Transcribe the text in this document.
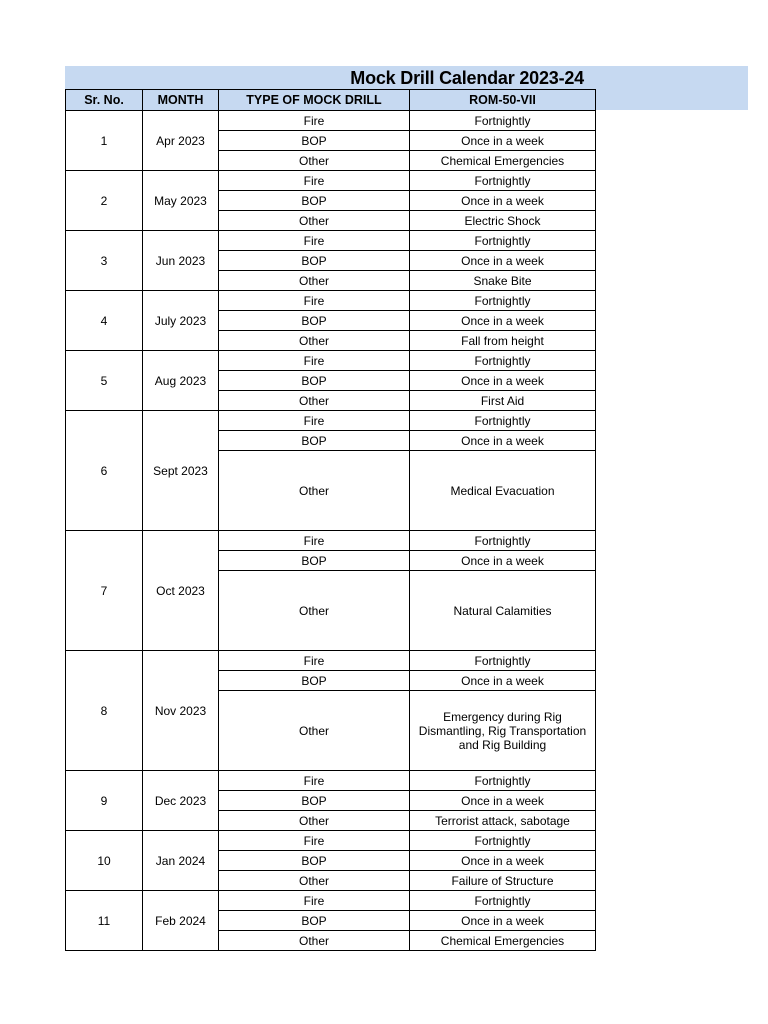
Mock Drill Calendar 2023-24
Sr. No.	MONTH	TYPE OF MOCK DRILL	ROM-50-VII
1	Apr 2023	Fire	Fortnightly
		BOP	Once in a week
		Other	Chemical Emergencies
2	May 2023	Fire	Fortnightly
		BOP	Once in a week
		Other	Electric Shock
3	Jun 2023	Fire	Fortnightly
		BOP	Once in a week
		Other	Snake Bite
4	July 2023	Fire	Fortnightly
		BOP	Once in a week
		Other	Fall from height
5	Aug 2023	Fire	Fortnightly
		BOP	Once in a week
		Other	First Aid
6	Sept 2023	Fire	Fortnightly
		BOP	Once in a week
		Other	Medical Evacuation
7	Oct 2023	Fire	Fortnightly
		BOP	Once in a week
		Other	Natural Calamities
8	Nov 2023	Fire	Fortnightly
		BOP	Once in a week
		Other	Emergency during Rig Dismantling, Rig Transportation and Rig Building
9	Dec 2023	Fire	Fortnightly
		BOP	Once in a week
		Other	Terrorist attack, sabotage
10	Jan 2024	Fire	Fortnightly
		BOP	Once in a week
		Other	Failure of Structure
11	Feb 2024	Fire	Fortnightly
		BOP	Once in a week
		Other	Chemical Emergencies
